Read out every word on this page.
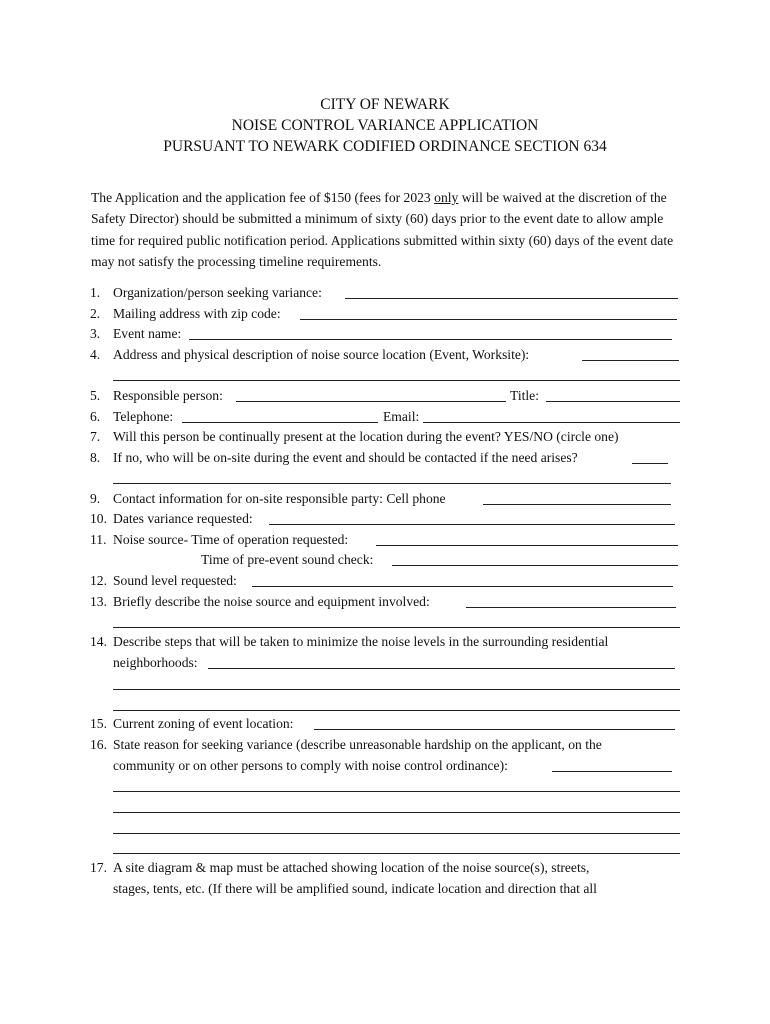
CITY OF NEWARK
NOISE CONTROL VARIANCE APPLICATION
PURSUANT TO NEWARK CODIFIED ORDINANCE SECTION 634

The Application and the application fee of $150 (fees for 2023 only will be waived at the discretion of the Safety Director) should be submitted a minimum of sixty (60) days prior to the event date to allow ample time for required public notification period. Applications submitted within sixty (60) days of the event date may not satisfy the processing timeline requirements.

1. Organization/person seeking variance:
2. Mailing address with zip code:
3. Event name:
4. Address and physical description of noise source location (Event, Worksite):
5. Responsible person:	Title:
6. Telephone:	Email:
7. Will this person be continually present at the location during the event? YES/NO (circle one)
8. If no, who will be on-site during the event and should be contacted if the need arises?
9. Contact information for on-site responsible party: Cell phone
10. Dates variance requested:
11. Noise source- Time of operation requested:
Time of pre-event sound check:
12. Sound level requested:
13. Briefly describe the noise source and equipment involved:
14. Describe steps that will be taken to minimize the noise levels in the surrounding residential
neighborhoods:
15. Current zoning of event location:
16. State reason for seeking variance (describe unreasonable hardship on the applicant, on the
community or on other persons to comply with noise control ordinance):
17. A site diagram & map must be attached showing location of the noise source(s), streets,
stages, tents, etc. (If there will be amplified sound, indicate location and direction that all
